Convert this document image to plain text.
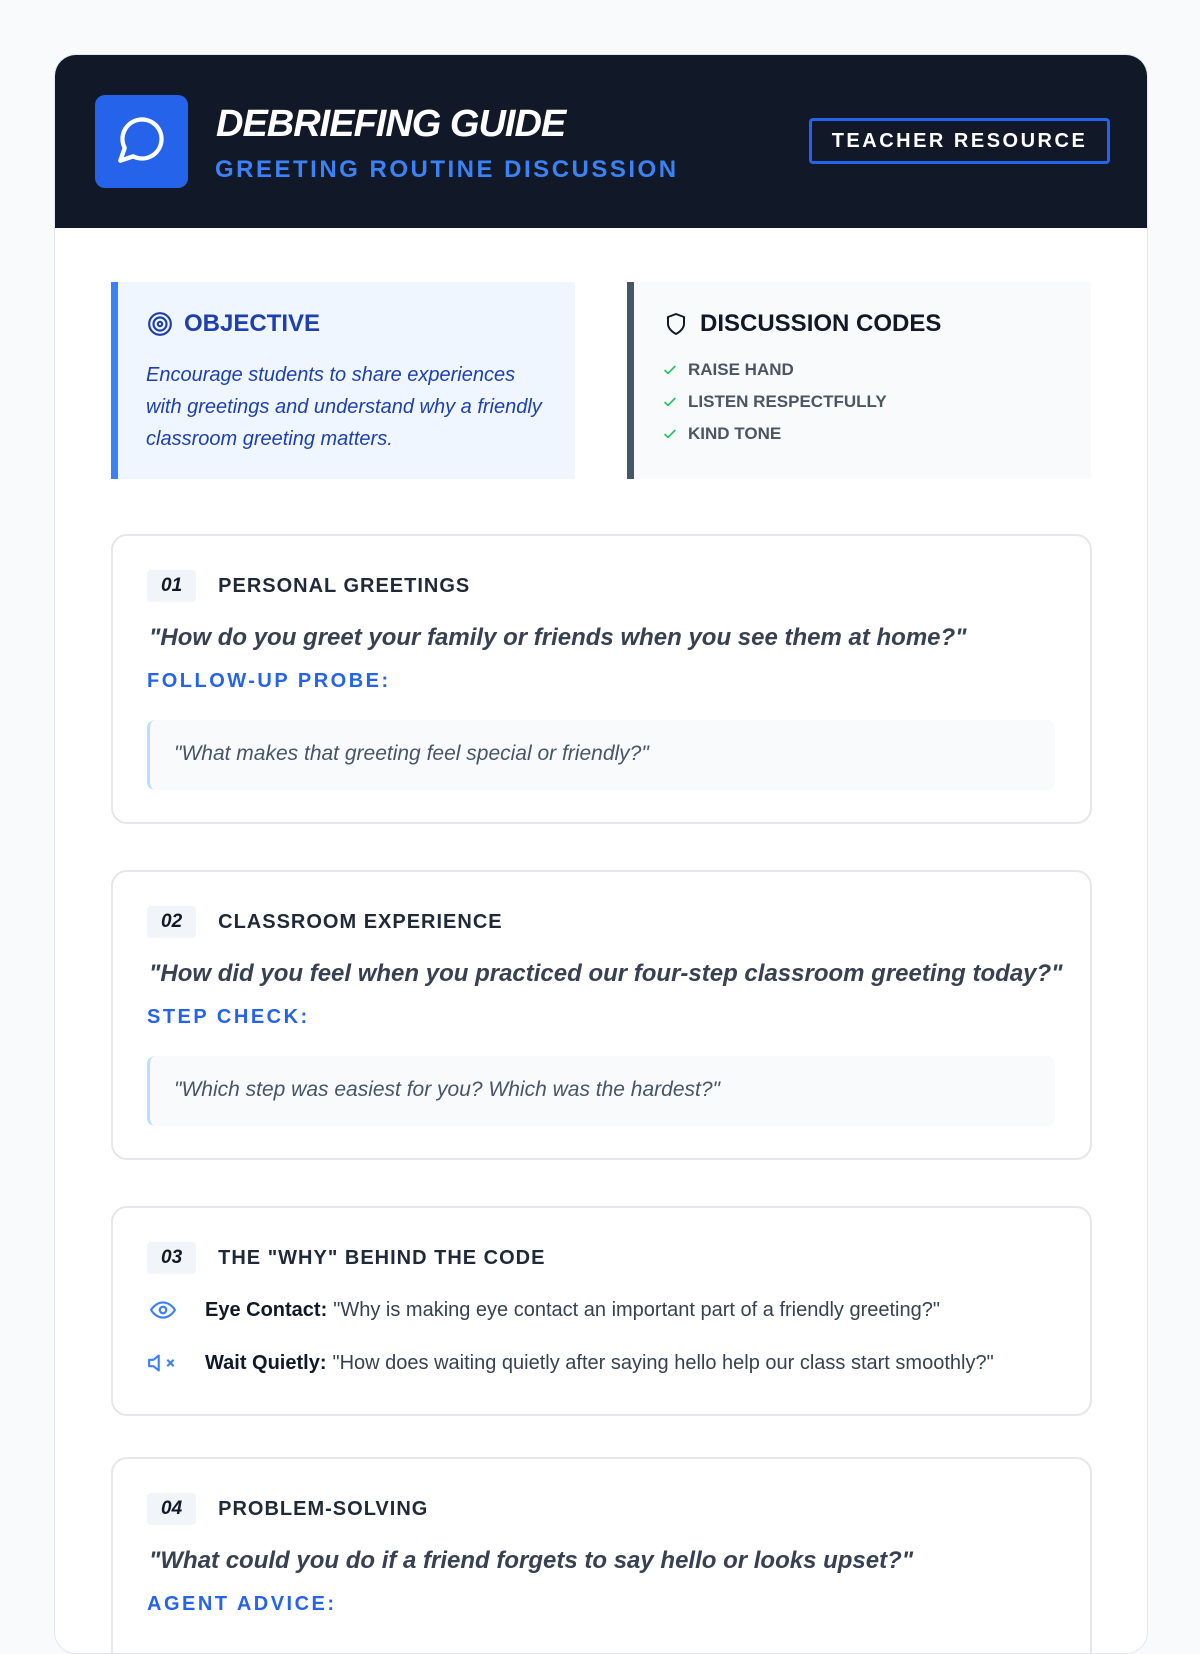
DEBRIEFING GUIDE
GREETING ROUTINE DISCUSSION
TEACHER RESOURCE
OBJECTIVE
Encourage students to share experiences with greetings and understand why a friendly classroom greeting matters.
DISCUSSION CODES
RAISE HAND
LISTEN RESPECTFULLY
KIND TONE
01	PERSONAL GREETINGS
"How do you greet your family or friends when you see them at home?"
FOLLOW-UP PROBE:
"What makes that greeting feel special or friendly?"
02	CLASSROOM EXPERIENCE
"How did you feel when you practiced our four-step classroom greeting today?"
STEP CHECK:
"Which step was easiest for you? Which was the hardest?"
03	THE "WHY" BEHIND THE CODE
Eye Contact: "Why is making eye contact an important part of a friendly greeting?"
Wait Quietly: "How does waiting quietly after saying hello help our class start smoothly?"
04	PROBLEM-SOLVING
"What could you do if a friend forgets to say hello or looks upset?"
AGENT ADVICE:
